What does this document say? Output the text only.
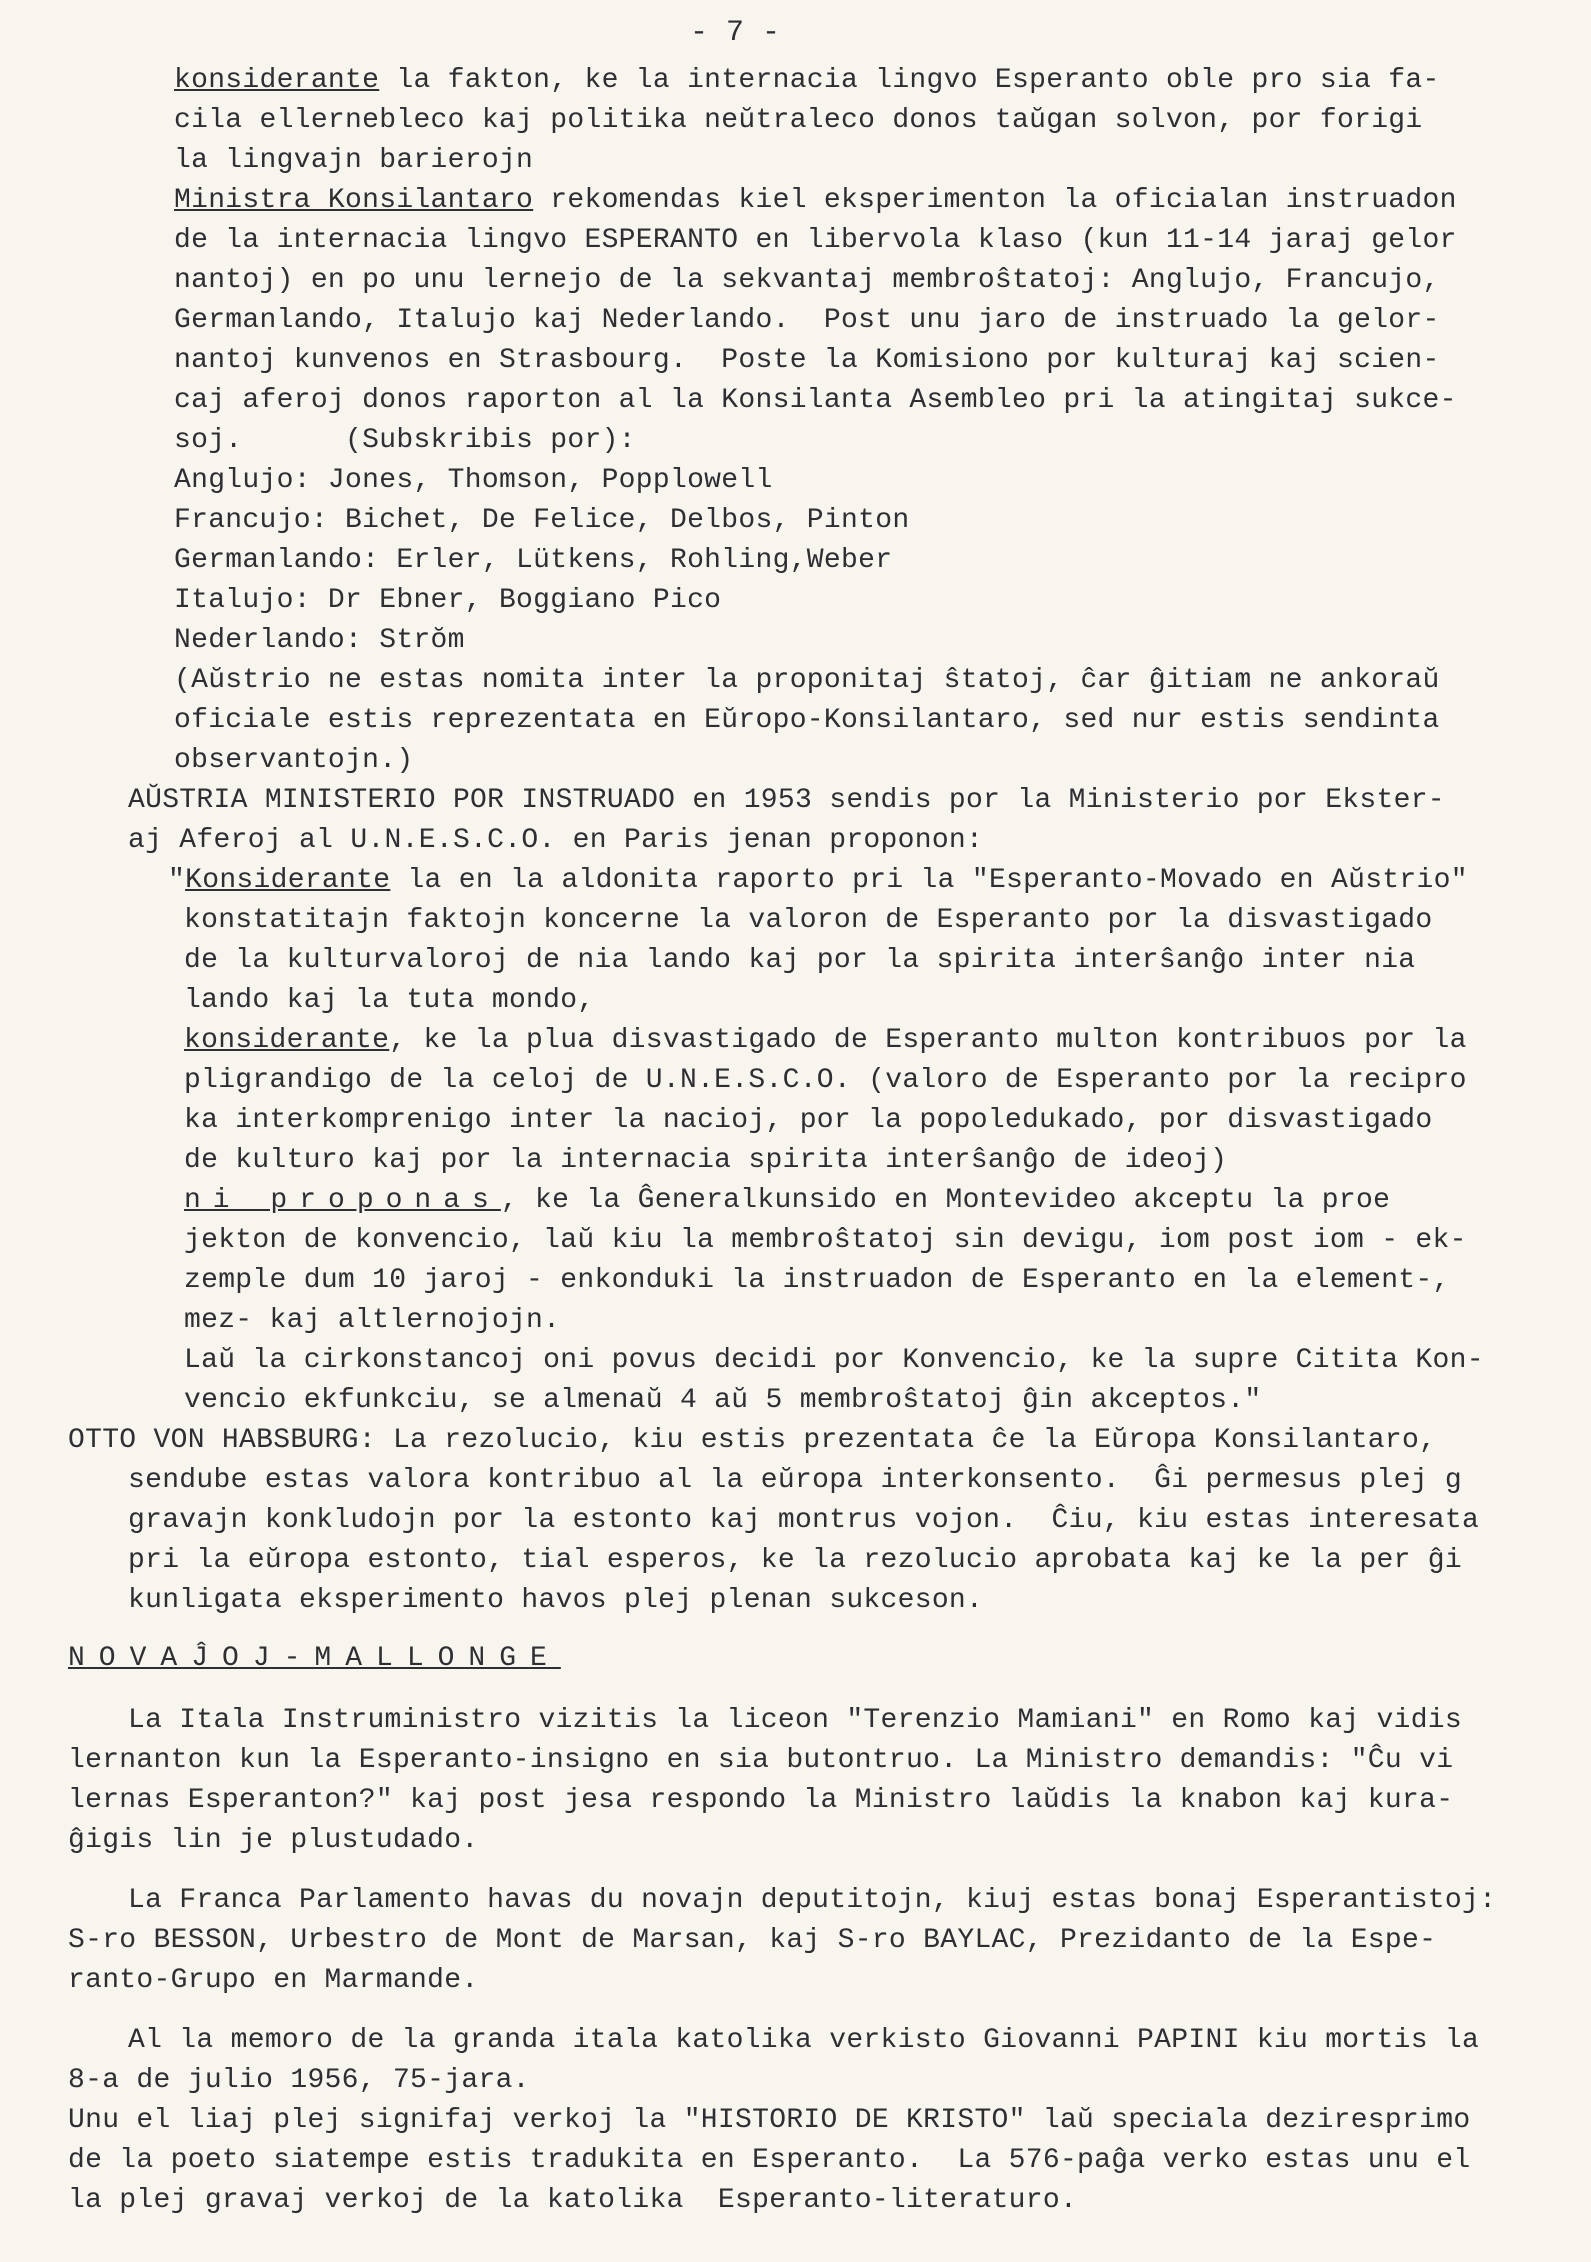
- 7 -
konsiderante la fakton, ke la internacia lingvo Esperanto oble pro sia fa-
cila ellernebleco kaj politika neŭtraleco donos taŭgan solvon, por forigi
la lingvajn barierojn
Ministra Konsilantaro rekomendas kiel eksperimenton la oficialan instruadon
de la internacia lingvo ESPERANTO en libervola klaso (kun 11-14 jaraj gelor
nantoj) en po unu lernejo de la sekvantaj membroŝtatoj: Anglujo, Francujo,
Germanlando, Italujo kaj Nederlando.  Post unu jaro de instruado la gelor-
nantoj kunvenos en Strasbourg.  Poste la Komisiono por kulturaj kaj scien-
caj aferoj donos raporton al la Konsilanta Asembleo pri la atingitaj sukce-
soj.      (Subskribis por):
Anglujo: Jones, Thomson, Popplowell
Francujo: Bichet, De Felice, Delbos, Pinton
Germanlando: Erler, Lütkens, Rohling,Weber
Italujo: Dr Ebner, Boggiano Pico
Nederlando: Strŏm
(Aŭstrio ne estas nomita inter la proponitaj ŝtatoj, ĉar ĝitiam ne ankoraŭ
oficiale estis reprezentata en Eŭropo-Konsilantaro, sed nur estis sendinta
observantojn.)
AŬSTRIA MINISTERIO POR INSTRUADO en 1953 sendis por la Ministerio por Ekster-
aj Aferoj al U.N.E.S.C.O. en Paris jenan proponon:
"Konsiderante la en la aldonita raporto pri la "Esperanto-Movado en Aŭstrio"
konstatitajn faktojn koncerne la valoron de Esperanto por la disvastigado
de la kulturvaloroj de nia lando kaj por la spirita interŝanĝo inter nia
lando kaj la tuta mondo,
konsiderante, ke la plua disvastigado de Esperanto multon kontribuos por la
pligrandigo de la celoj de U.N.E.S.C.O. (valoro de Esperanto por la recipro
ka interkomprenigo inter la nacioj, por la popoledukado, por disvastigado
de kulturo kaj por la internacia spirita interŝanĝo de ideoj)
ni proponas, ke la Ĝeneralkunsido en Montevideo akceptu la proe
jekton de konvencio, laŭ kiu la membroŝtatoj sin devigu, iom post iom - ek-
zemple dum 10 jaroj - enkonduki la instruadon de Esperanto en la element-,
mez- kaj altlernojojn.
Laŭ la cirkonstancoj oni povus decidi por Konvencio, ke la supre Citita Kon-
vencio ekfunkciu, se almenaŭ 4 aŭ 5 membroŝtatoj ĝin akceptos."
OTTO VON HABSBURG: La rezolucio, kiu estis prezentata ĉe la Eŭropa Konsilantaro,
sendube estas valora kontribuo al la eŭropa interkonsento.  Ĝi permesus plej g
gravajn konkludojn por la estonto kaj montrus vojon.  Ĉiu, kiu estas interesata
pri la eŭropa estonto, tial esperos, ke la rezolucio aprobata kaj ke la per ĝi
kunligata eksperimento havos plej plenan sukceson.
NOVAĴOJ-MALLONGE
La Itala Instruministro vizitis la liceon "Terenzio Mamiani" en Romo kaj vidis
lernanton kun la Esperanto-insigno en sia butontruo. La Ministro demandis: "Ĉu vi
lernas Esperanton?" kaj post jesa respondo la Ministro laŭdis la knabon kaj kura-
ĝigis lin je plustudado.
La Franca Parlamento havas du novajn deputitojn, kiuj estas bonaj Esperantistoj:
S-ro BESSON, Urbestro de Mont de Marsan, kaj S-ro BAYLAC, Prezidanto de la Espe-
ranto-Grupo en Marmande.
Al la memoro de la granda itala katolika verkisto Giovanni PAPINI kiu mortis la
8-a de julio 1956, 75-jara.
Unu el liaj plej signifaj verkoj la "HISTORIO DE KRISTO" laŭ speciala deziresprimo
de la poeto siatempe estis tradukita en Esperanto.  La 576-paĝa verko estas unu el
la plej gravaj verkoj de la katolika  Esperanto-literaturo.
